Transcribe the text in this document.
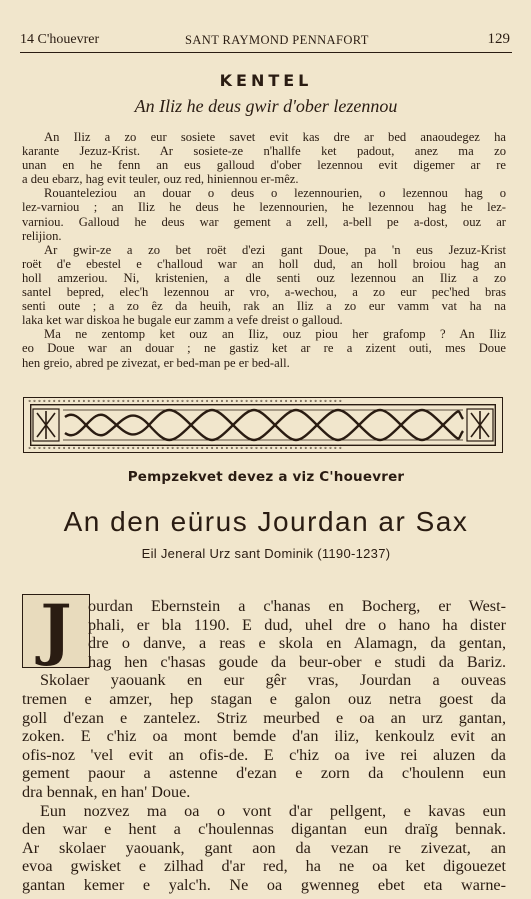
14 C'houevrer	SANT RAYMOND PENNAFORT	129
KENTEL
An Iliz he deus gwir d'ober lezennou
An Iliz a zo eur sosiete savet evit kas dre ar bed anaoudegez ha
karante Jezuz-Krist. Ar sosiete-ze n'hallfe ket padout, anez ma zo
unan en he fenn an eus galloud d'ober lezennou evit digemer ar re
a deu ebarz, hag evit teuler, ouz red, hiniennou er-mêz.
Rouanteleziou an douar o deus o lezennourien, o lezennou hag o
lez-varniou ; an Iliz he deus he lezennourien, he lezennou hag he lez-
varniou. Galloud he deus war gement a zell, a-bell pe a-dost, ouz ar
relijion.
Ar gwir-ze a zo bet roët d'ezi gant Doue, pa 'n eus Jezuz-Krist
roët d'e ebestel e c'halloud war an holl dud, an holl broiou hag an
holl amzeriou. Ni, kristenien, a dle senti ouz lezennou an Iliz a zo
santel bepred, elec'h lezennou ar vro, a-wechou, a zo eur pec'hed bras
senti oute ; a zo êz da heuih, rak an Iliz a zo eur vamm vat ha na
laka ket war diskoa he bugale eur zamm a vefe dreist o galloud.
Ma ne zentomp ket ouz an Iliz, ouz piou her grafomp ? An Iliz
eo Doue war an douar ; ne gastiz ket ar re a zizent outi, mes Doue
hen greio, abred pe zivezat, er bed-man pe er bed-all.
∘∘∘∘∘∘∘∘∘∘∘∘∘∘∘∘∘∘∘∘∘∘∘∘∘∘∘∘∘∘∘∘∘∘∘∘∘∘∘∘∘∘∘∘∘∘∘∘∘∘∘∘∘∘∘∘∘∘∘∘∘∘∘∘
∘∘∘∘∘∘∘∘∘∘∘∘∘∘∘∘∘∘∘∘∘∘∘∘∘∘∘∘∘∘∘∘∘∘∘∘∘∘∘∘∘∘∘∘∘∘∘∘∘∘∘∘∘∘∘∘∘∘∘∘∘∘∘∘
Pempzekvet devez a viz C'houevrer
An den eürus Jourdan ar Sax
Eil Jeneral Urz sant Dominik (1190-1237)
J	ourdan Ebernstein a c'hanas en Bocherg, er West-
phali, er bla 1190. E dud, uhel dre o hano ha dister
dre o danve, a reas e skola en Alamagn, da gentan,
hag hen c'hasas goude da beur-ober e studi da Bariz.
Skolaer yaouank en eur gêr vras, Jourdan a ouveas
tremen e amzer, hep stagan e galon ouz netra goest da
goll d'ezan e zantelez. Striz meurbed e oa an urz gantan,
zoken. E c'hiz oa mont bemde d'an iliz, kenkoulz evit an
ofis-noz 'vel evit an ofis-de. E c'hiz oa ive rei aluzen da
gement paour a astenne d'ezan e zorn da c'houlenn eun
dra bennak, en han' Doue.
Eun nozvez ma oa o vont d'ar pellgent, e kavas eun
den war e hent a c'houlennas digantan eun draïg bennak.
Ar skolaer yaouank, gant aon da vezan re zivezat, an
evoa gwisket e zilhad d'ar red, ha ne oa ket digouezet
gantan kemer e yalc'h. Ne oa gwenneg ebet eta warne-
